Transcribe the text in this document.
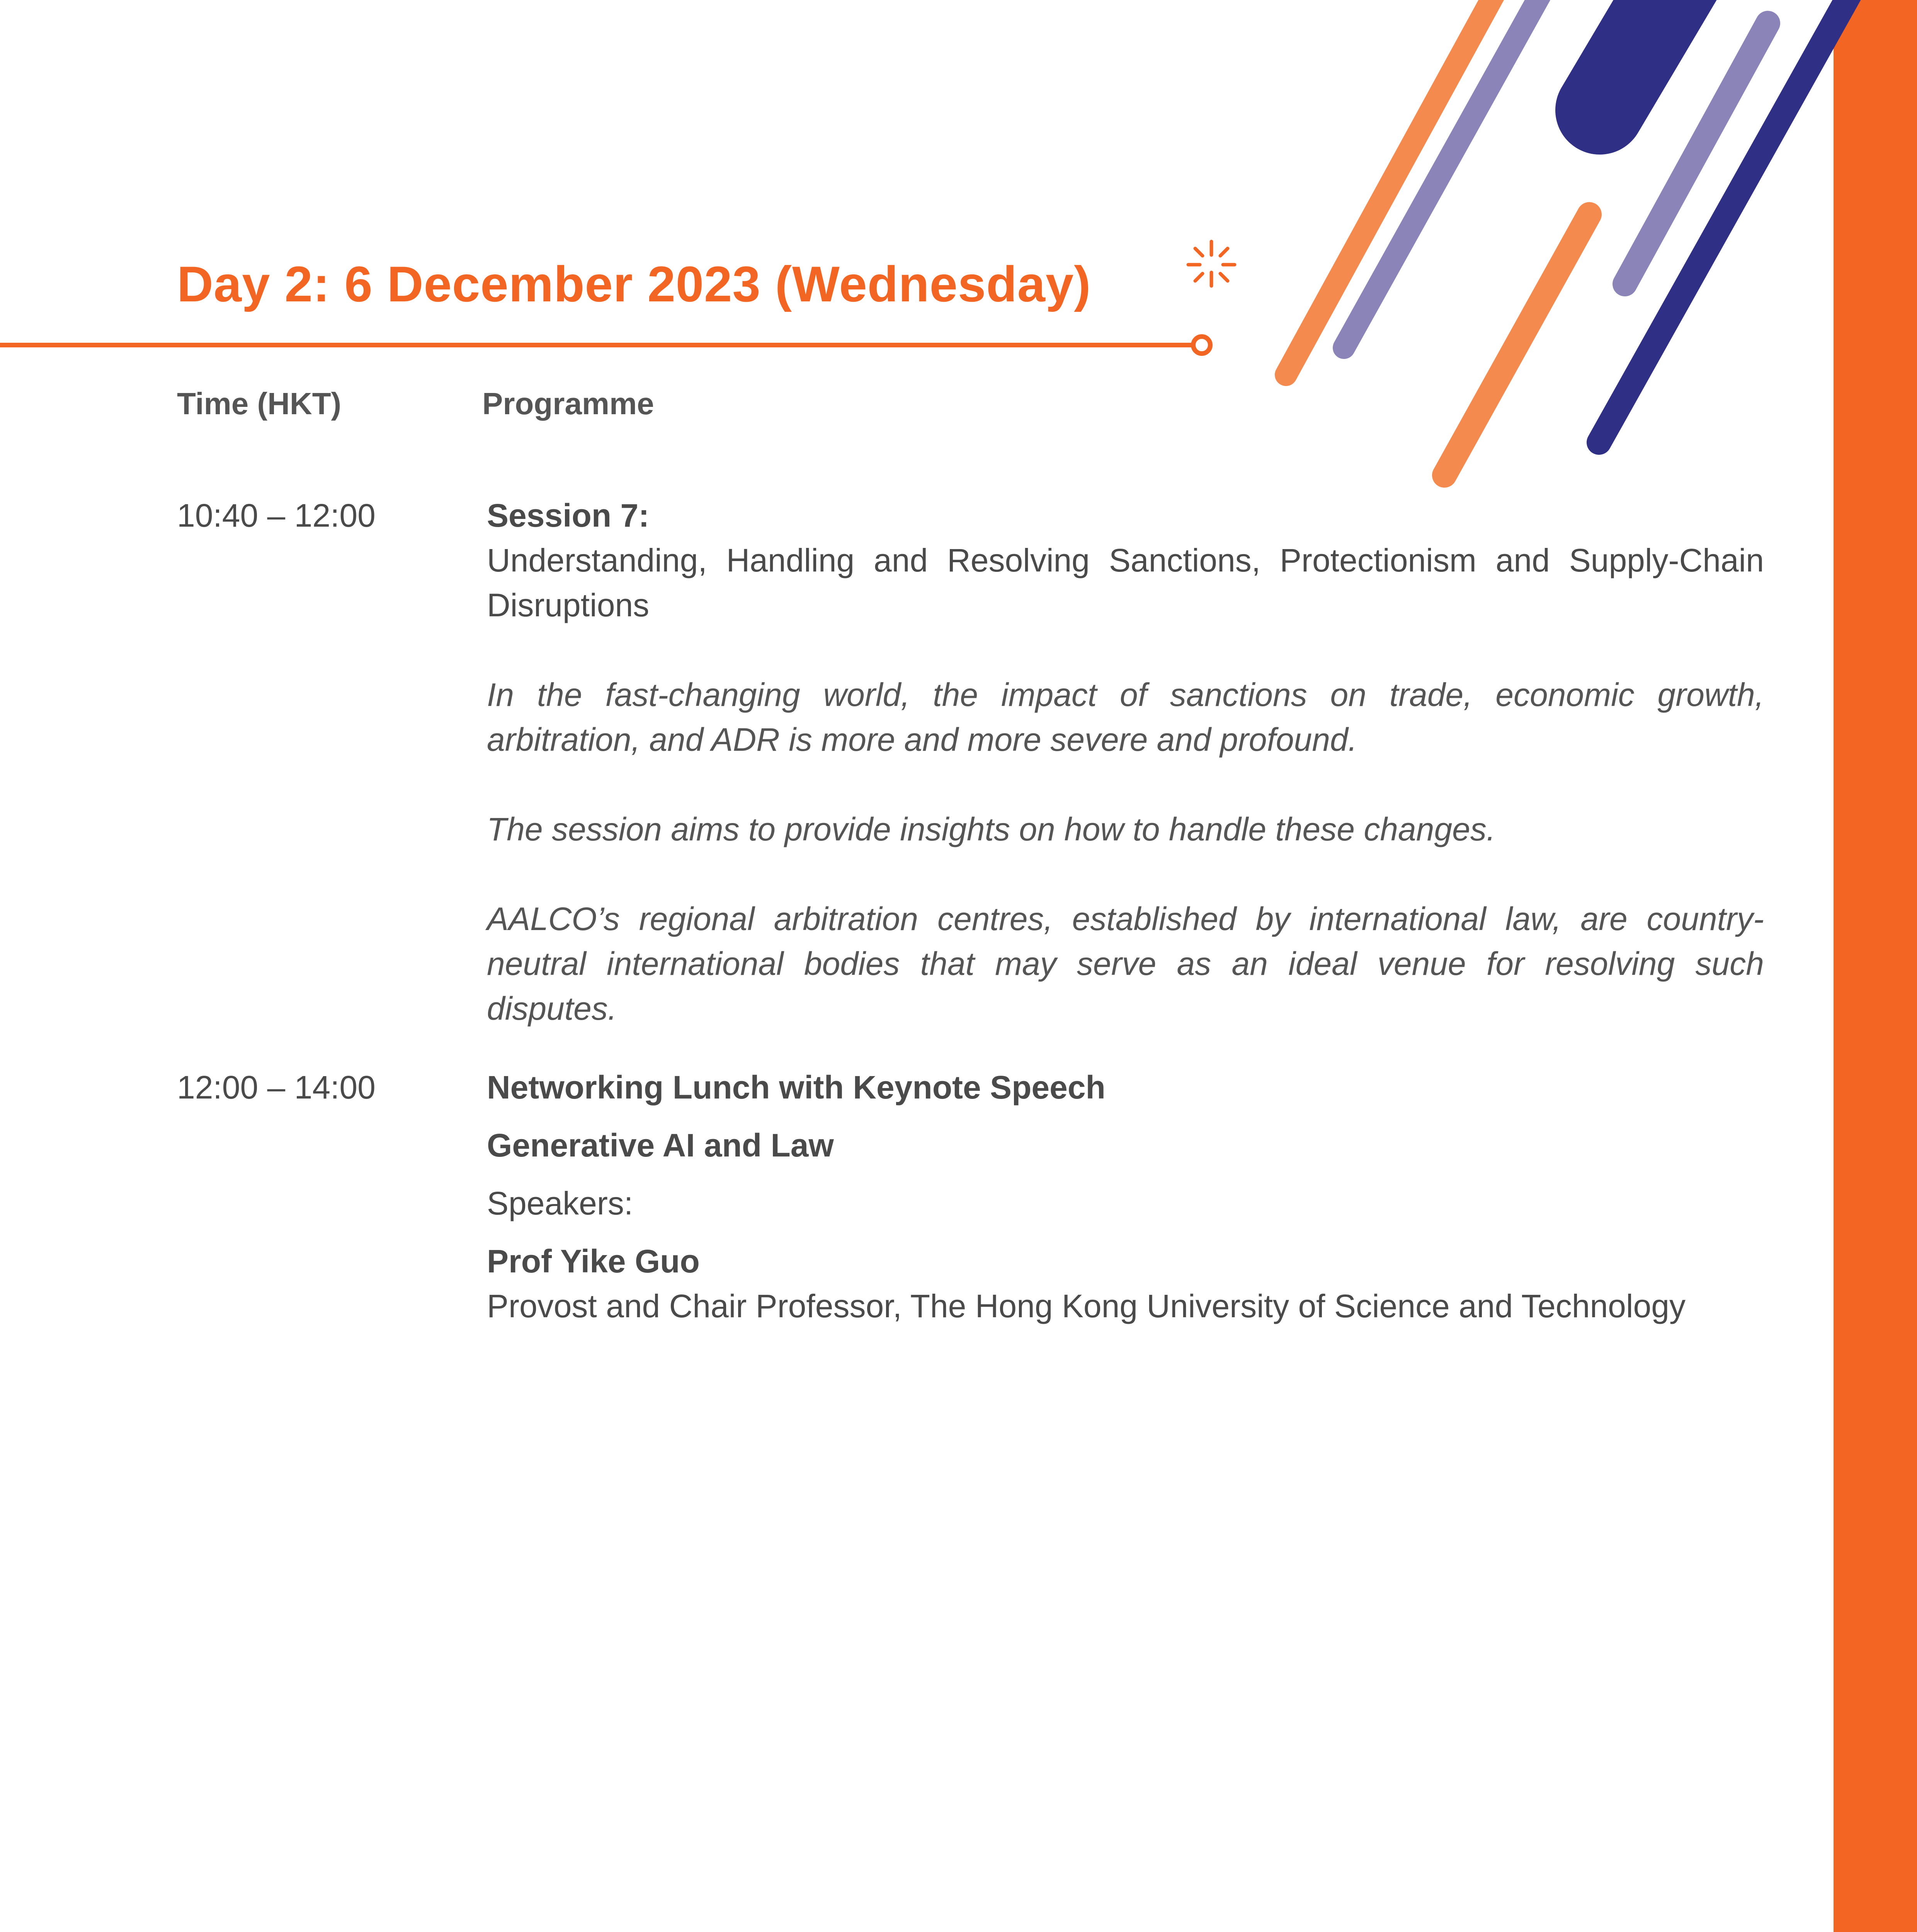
Day 2: 6 December 2023 (Wednesday)
Time (HKT)	Programme
10:40 – 12:00	Session 7:
Understanding, Handling and Resolving Sanctions, Protectionism and Supply-Chain Disruptions

In the fast-changing world, the impact of sanctions on trade, economic growth, arbitration, and ADR is more and more severe and profound.

The session aims to provide insights on how to handle these changes.

AALCO’s regional arbitration centres, established by international law, are country-neutral international bodies that may serve as an ideal venue for resolving such disputes.

12:00 – 14:00	Networking Lunch with Keynote Speech
Generative AI and Law
Speakers:
Prof Yike Guo
Provost and Chair Professor, The Hong Kong University of Science and Technology
